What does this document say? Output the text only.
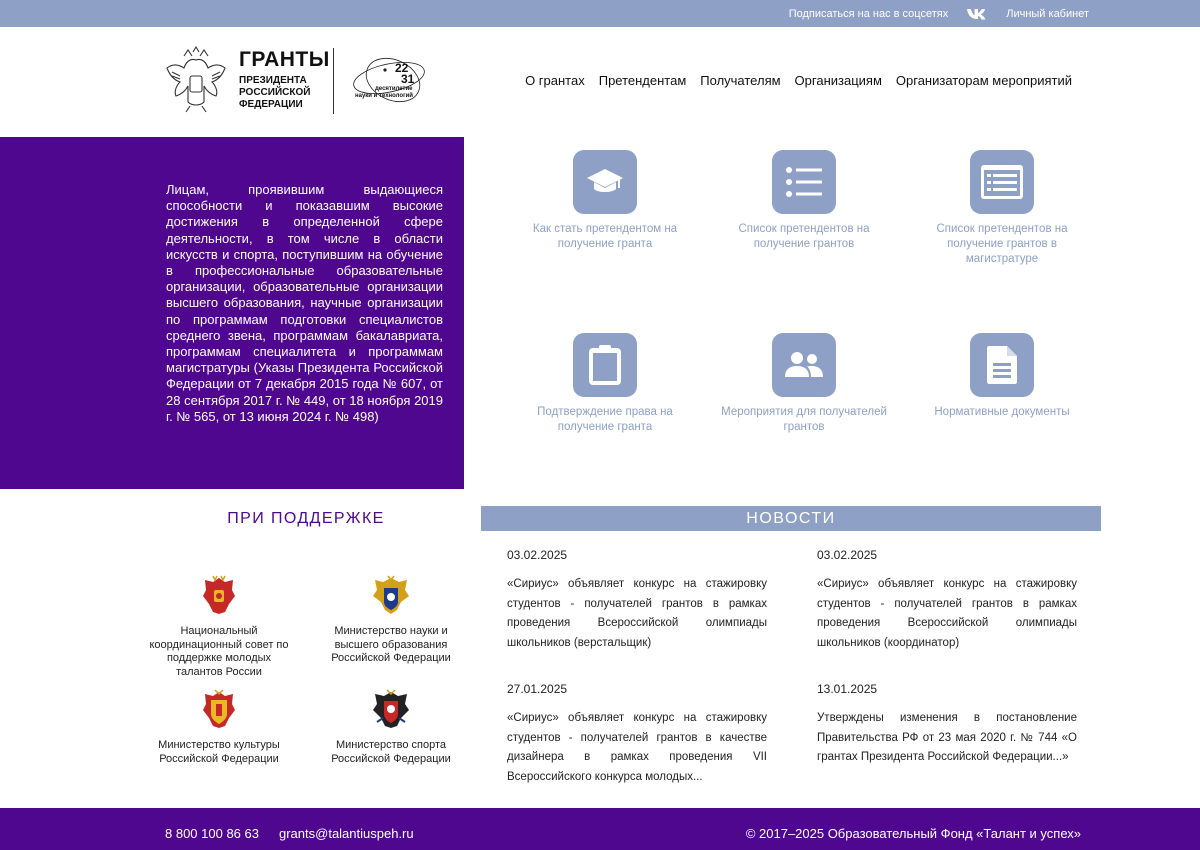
Подписаться на нас в соцсетях	Личный кабинет
ГРАНТЫ
ПРЕЗИДЕНТА
РОССИЙСКОЙ
ФЕДЕРАЦИИ
22
31
десятилетие
науки и технологий
О грантах Претендентам Получателям Организациям Организаторам мероприятий

Лицам, проявившим выдающиеся способности и показавшим высокие достижения в определенной сфере деятельности, в том числе в области искусств и спорта, поступившим на обучение в профессиональные образовательные организации, образовательные организации высшего образования, научные организации по программам подготовки специалистов среднего звена, программам бакалавриата, программам специалитета и программам магистратуры (Указы Президента Российской Федерации от 7 декабря 2015 года № 607, от 28 сентября 2017 г. № 449, от 18 ноября 2019 г. № 565, от 13 июня 2024 г. № 498)

Как стать претендентом на получение гранта
Список претендентов на получение грантов
Список претендентов на получение грантов в магистратуре
Подтверждение права на получение гранта
Мероприятия для получателей грантов
Нормативные документы
ПРИ ПОДДЕРЖКЕ
Национальный координационный совет по поддержке молодых талантов России
Министерство науки и высшего образования Российской Федерации
Министерство культуры Российской Федерации
Министерство спорта Российской Федерации
НОВОСТИ
03.02.2025
«Сириус» объявляет конкурс на стажировку студентов - получателей грантов в рамках проведения Всероссийской олимпиады школьников (верстальщик)
03.02.2025
«Сириус» объявляет конкурс на стажировку студентов - получателей грантов в рамках проведения Всероссийской олимпиады школьников (координатор)
27.01.2025
«Сириус» объявляет конкурс на стажировку студентов - получателей грантов в качестве дизайнера в рамках проведения VII Всероссийского конкурса молодых...
13.01.2025
Утверждены изменения в постановление Правительства РФ от 23 мая 2020 г. № 744 «О грантах Президента Российской Федерации...»
8 800 100 86 63 grants@talantiuspeh.ru	© 2017–2025 Образовательный Фонд «Талант и успех»
